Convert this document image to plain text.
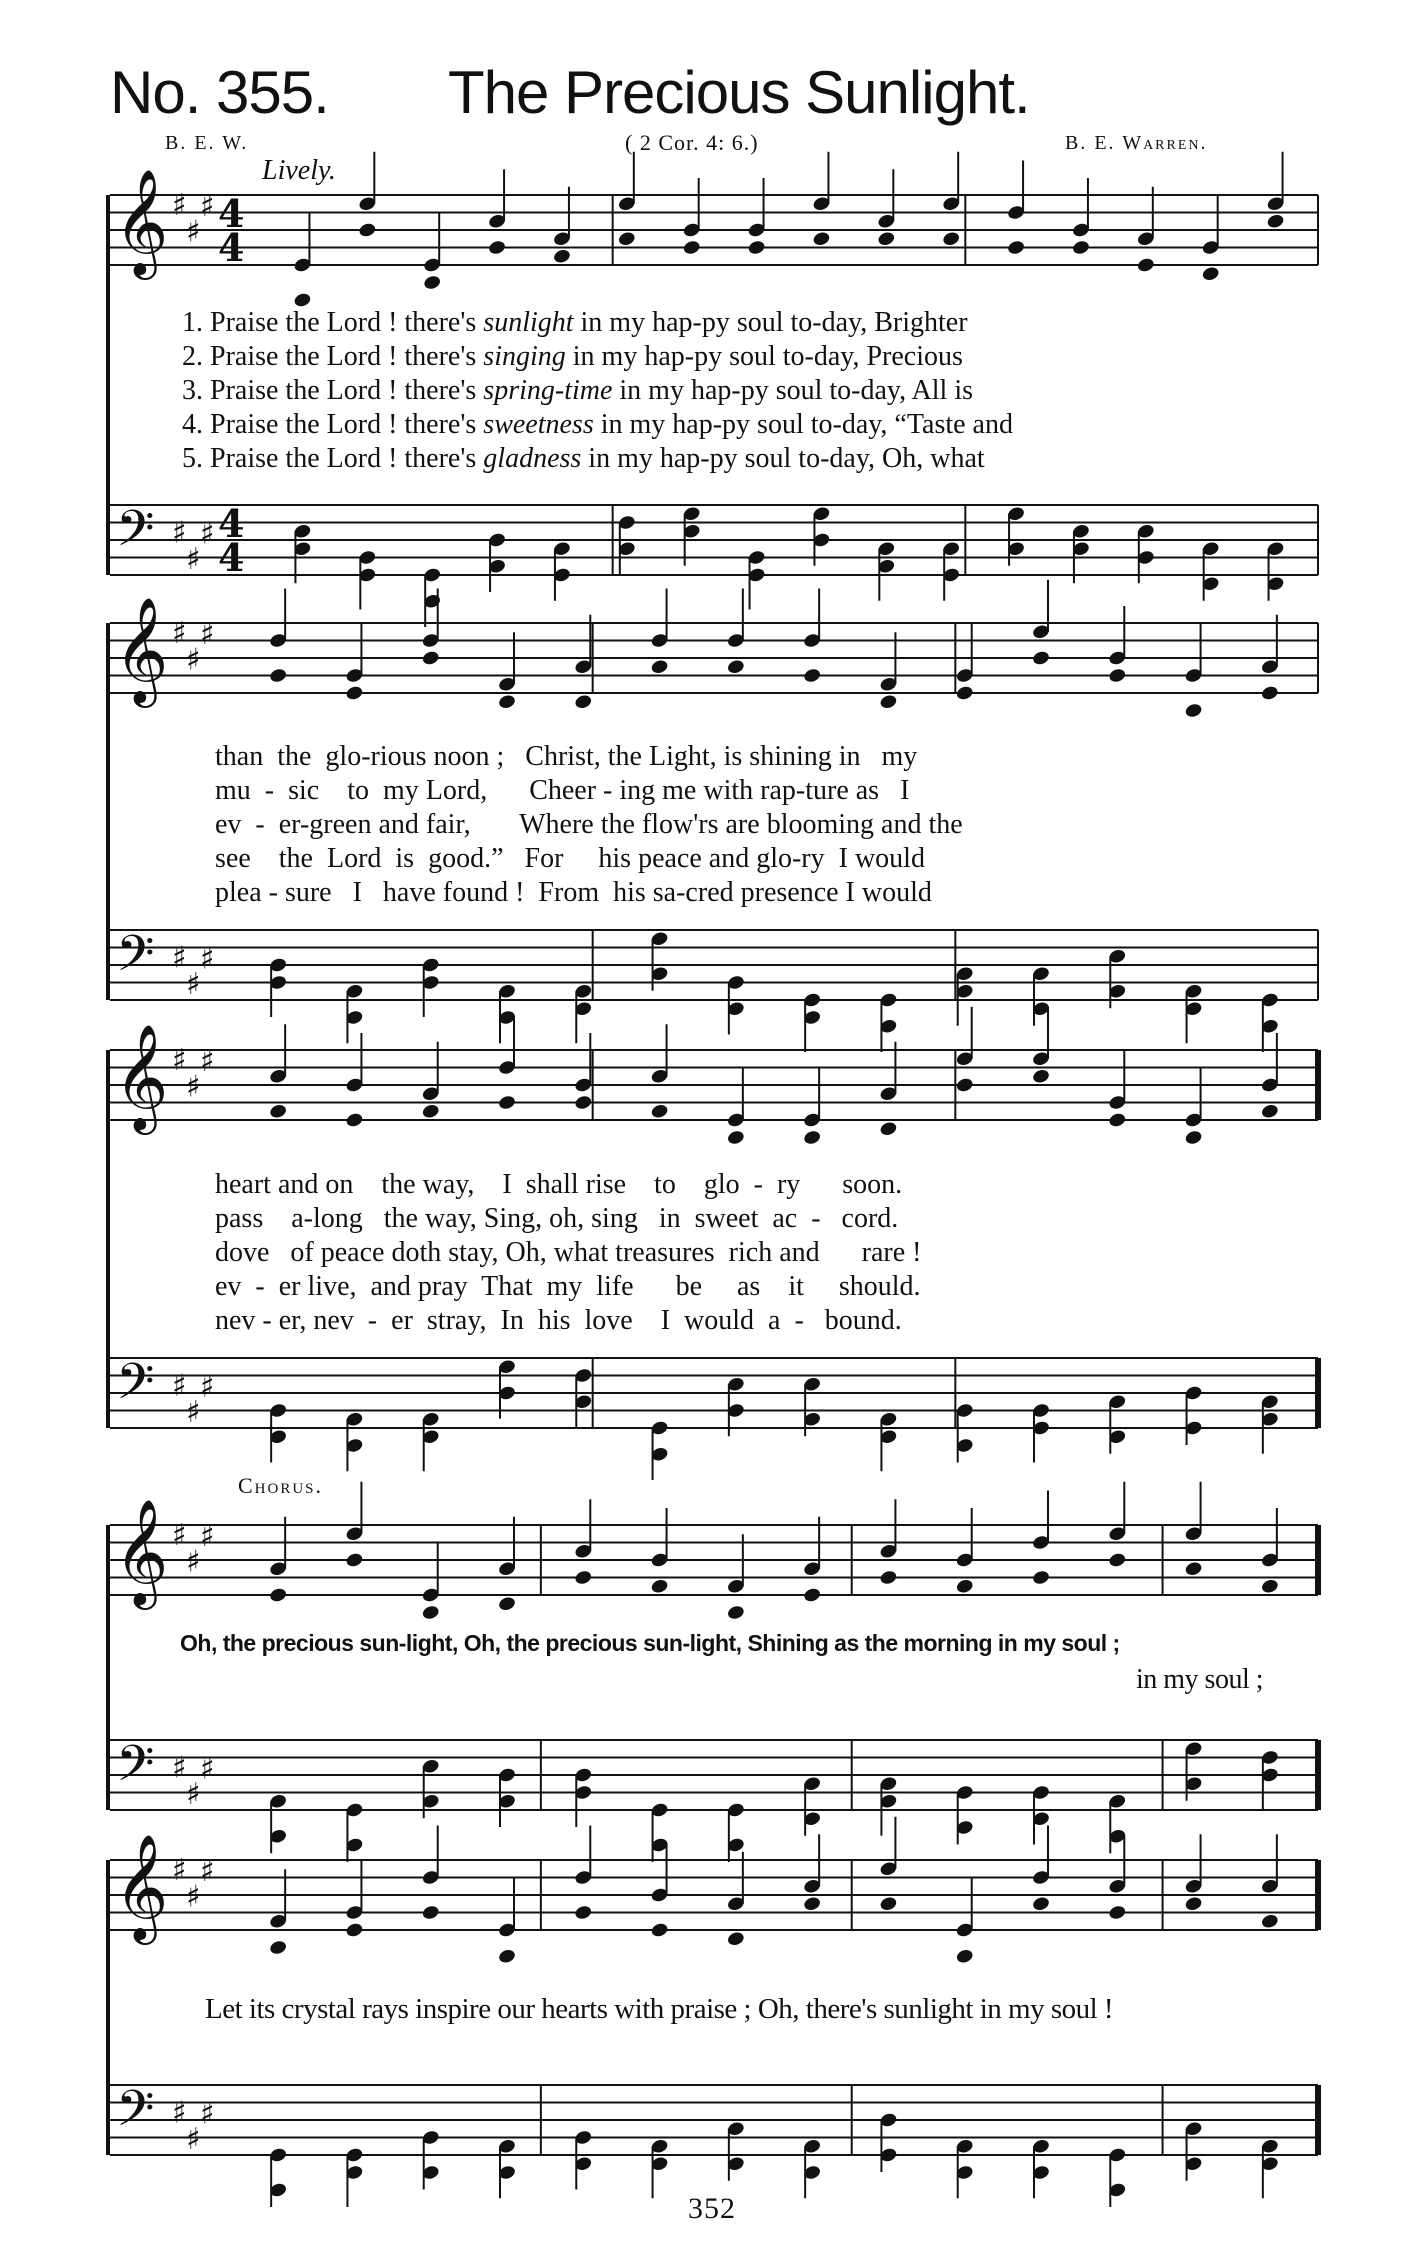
𝄞
𝄢
♯
♯
♯
♯
♯
♯
4
4
4
4
𝄞
𝄢
♯
♯
♯
♯
♯
♯
𝄞
𝄢
♯
♯
♯
♯
♯
♯
𝄞
𝄢
♯
♯
♯
♯
♯
♯
𝄞
𝄢
♯
♯
♯
♯
♯
♯
No. 355. The Precious Sunlight.
B. E. W.	( 2 Cor. 4: 6.)	B. E. Warren.
Lively.
1. Praise the Lord ! there's sunlight in my hap-py soul to-day, Brighter
2. Praise the Lord ! there's singing in my hap-py soul to-day, Precious
3. Praise the Lord ! there's spring-time in my hap-py soul to-day, All is
4. Praise the Lord ! there's sweetness in my hap-py soul to-day, “Taste and
5. Praise the Lord ! there's gladness in my hap-py soul to-day, Oh, what
than  the  glo-rious noon ;   Christ, the Light, is shining in   my
mu  -  sic    to  my Lord,      Cheer - ing me with rap-ture as   I
ev  -  er-green and fair,       Where the flow'rs are blooming and the
see    the  Lord  is  good.”   For     his peace and glo-ry  I would
plea - sure   I   have found !  From  his sa-cred presence I would
heart and on    the way,    I  shall rise    to    glo  -  ry      soon.
pass    a-long   the way, Sing, oh, sing   in  sweet  ac  -   cord.
dove   of peace doth stay, Oh, what treasures  rich and      rare !
ev  -  er live,  and pray  That  my  life      be     as    it     should.
nev - er, nev  -  er  stray,  In  his  love    I  would  a  -   bound.
Chorus.
Oh, the precious sun-light, Oh, the precious sun-light, Shining as the morning in my soul ;
in my soul ;
Let its crystal rays inspire our hearts with praise ; Oh, there's sunlight in my soul !
352
